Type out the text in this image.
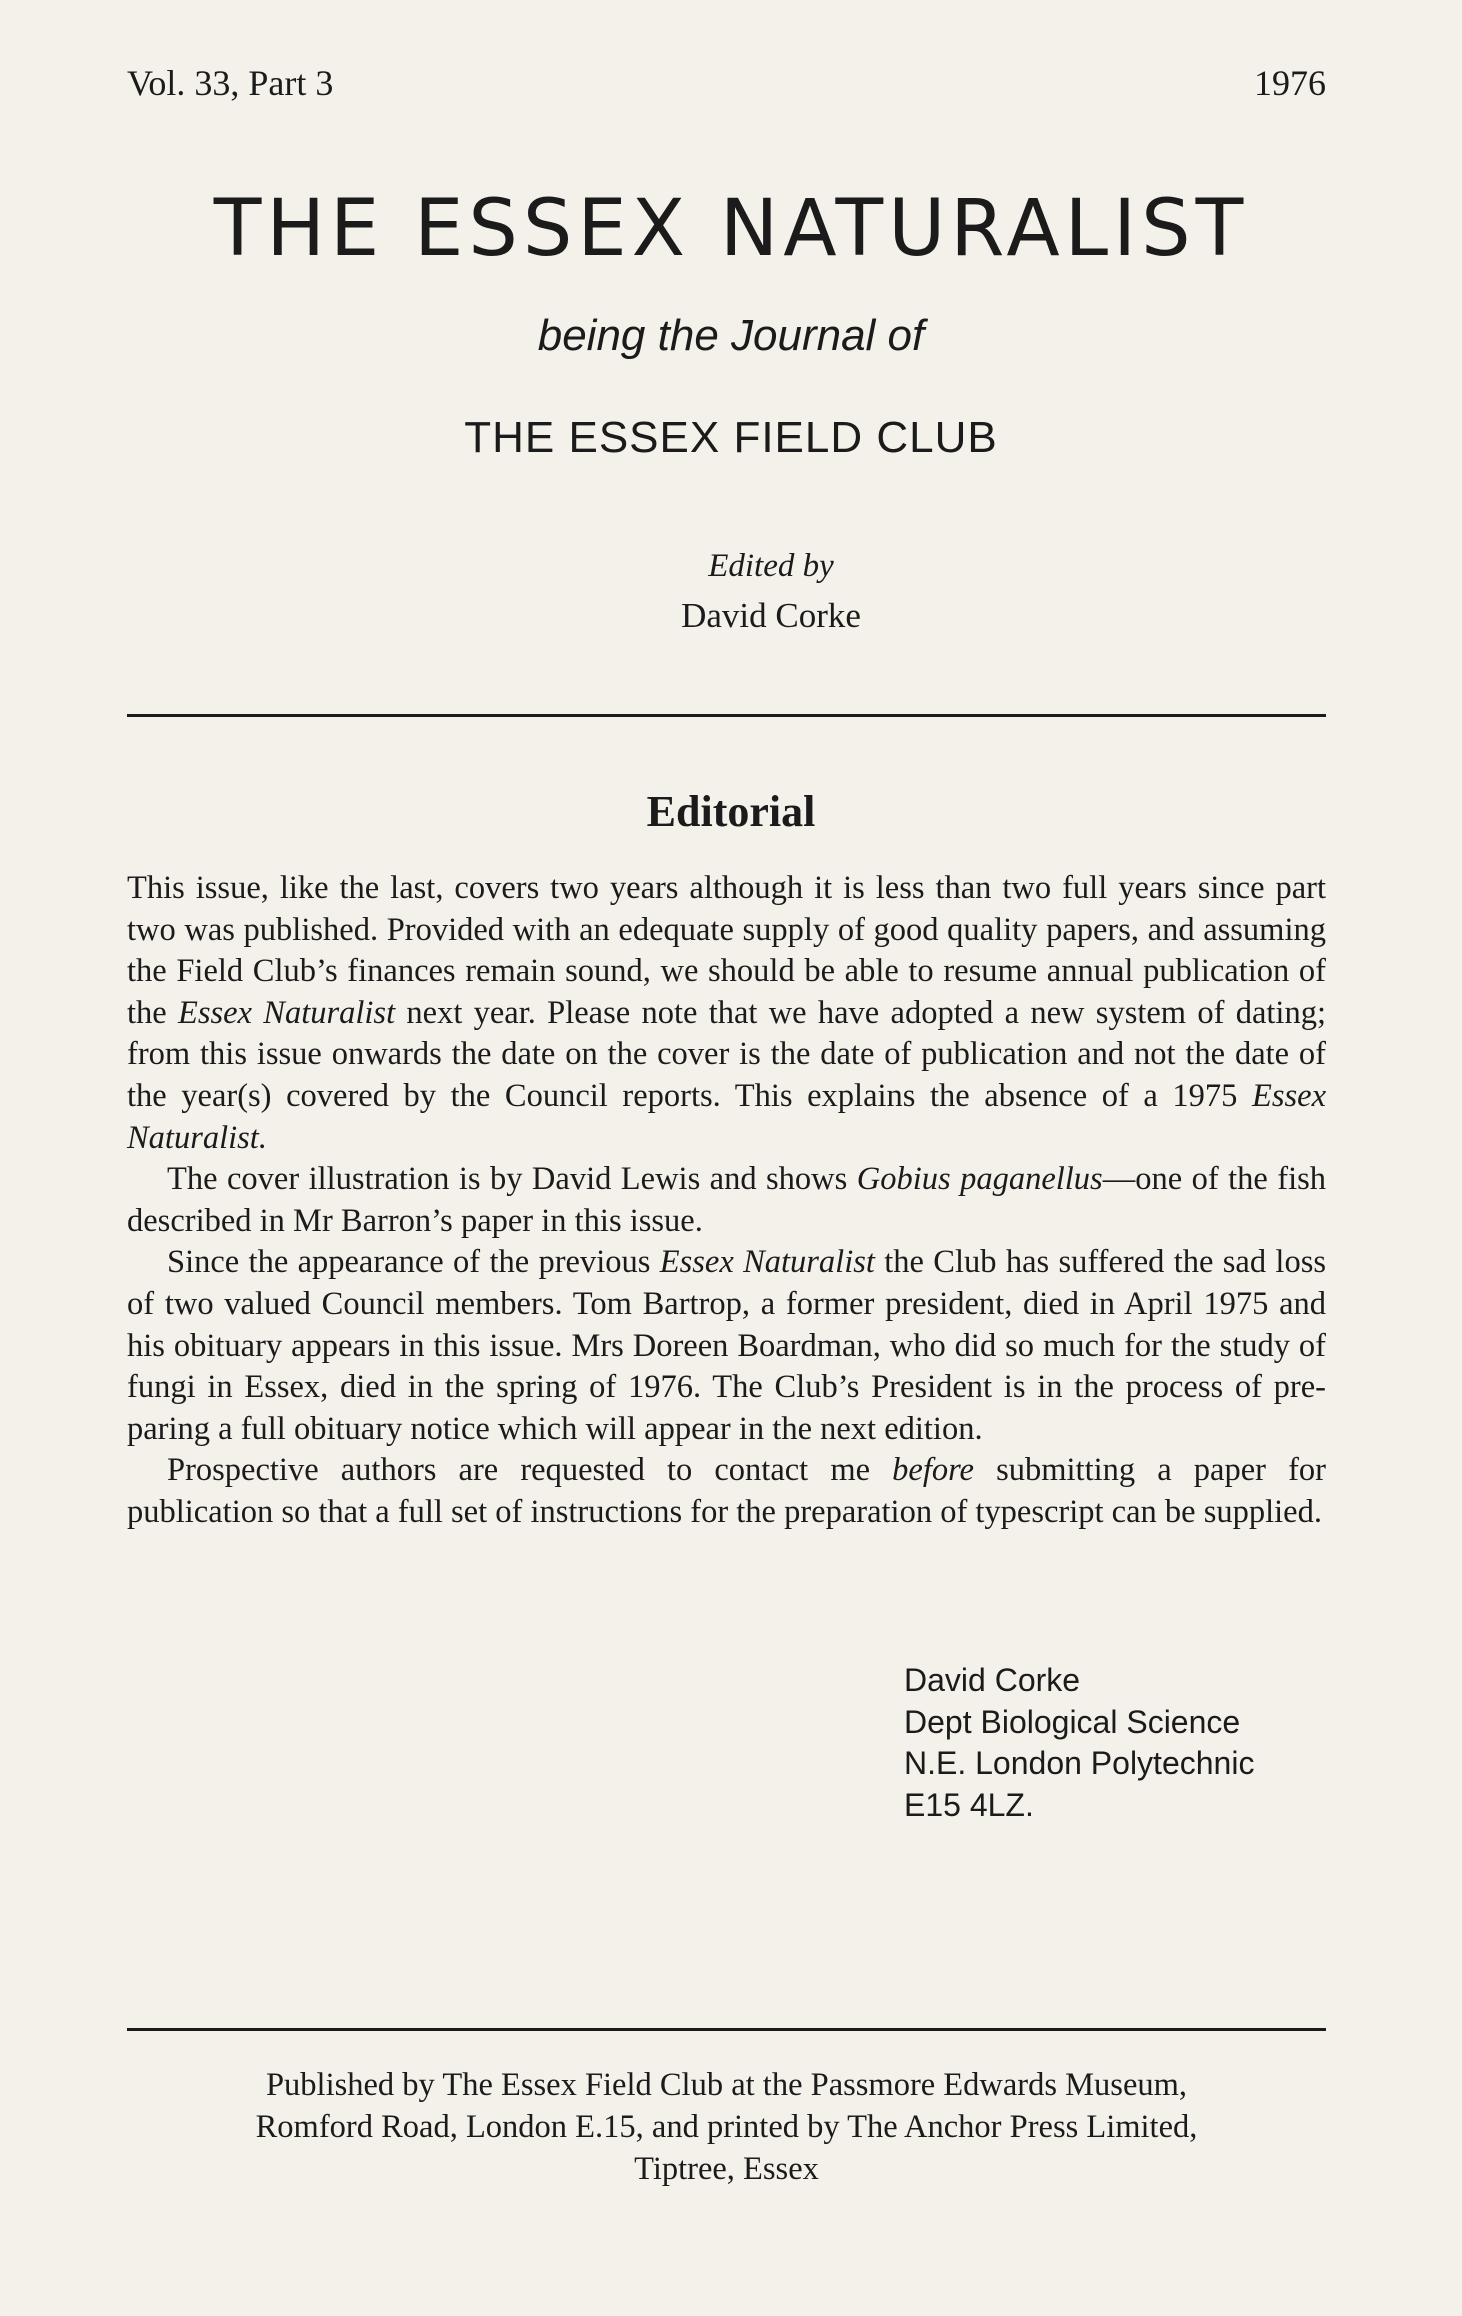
Vol. 33, Part 3	1976
THE ESSEX NATURALIST
being the Journal of
THE ESSEX FIELD CLUB
Edited by
David Corke
Editorial

This issue, like the last, covers two years although it is less than two full years since part two was published. Provided with an edequate supply of good quality papers, and assuming the Field Club’s finances remain sound, we should be able to resume annual publication of the Essex Naturalist next year. Please note that we have adopted a new system of dating; from this issue onwards the date on the cover is the date of publication and not the date of the year(s) covered by the Council reports. This explains the absence of a 1975 Essex Naturalist.

The cover illustration is by David Lewis and shows Gobius paganellus—one of the fish described in Mr Barron’s paper in this issue.

Since the appearance of the previous Essex Naturalist the Club has suffered the sad loss of two valued Council members. Tom Bartrop, a former president, died in April 1975 and his obituary appears in this issue. Mrs Doreen Boardman, who did so much for the study of fungi in Essex, died in the spring of 1976. The Club’s President is in the process of preparing a full obituary notice which will appear in the next edition.

Prospective authors are requested to contact me before submitting a paper for publication so that a full set of instructions for the preparation of typescript can be supplied.

David Corke
Dept Biological Science
N.E. London Polytechnic
E15 4LZ.
Published by The Essex Field Club at the Passmore Edwards Museum,
Romford Road, London E.15, and printed by The Anchor Press Limited,
Tiptree, Essex
